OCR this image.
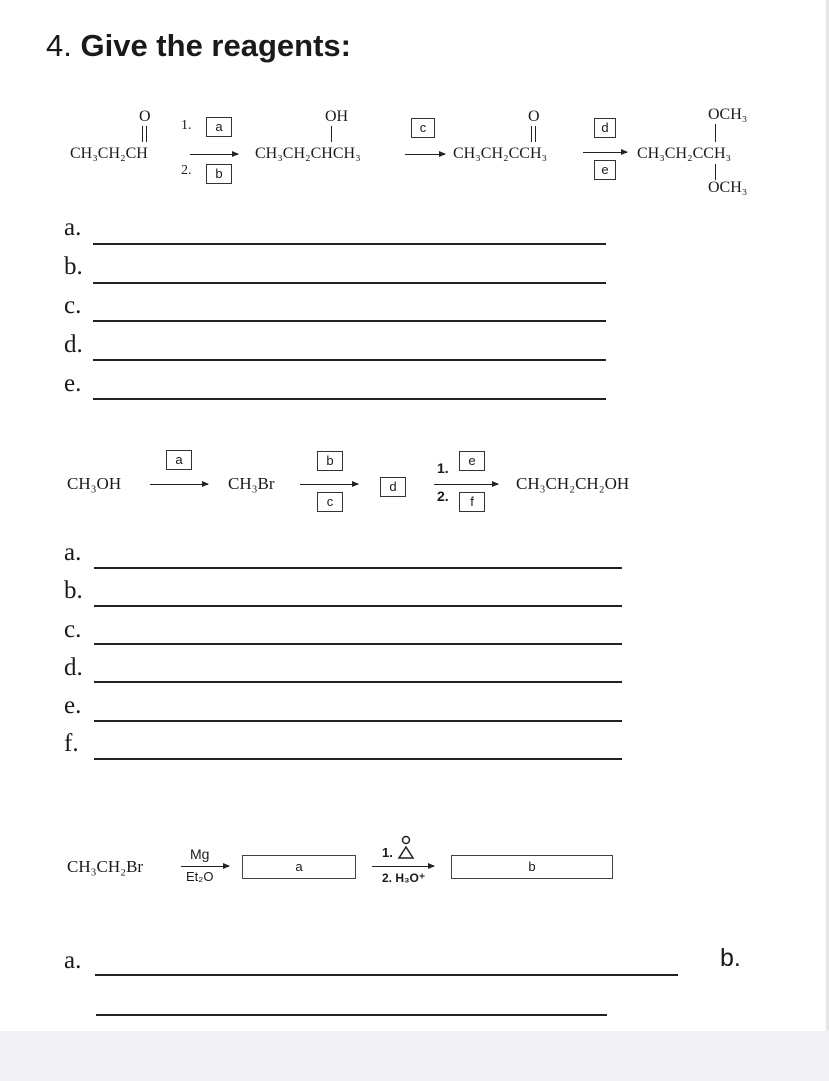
4. Give the reagents:
O
CH₃CH₂CH
1.	a
2.	b
OH
CH₃CH₂CHCH₃
c
O
CH₃CH₂CCH₃
d
e
OCH₃
CH₃CH₂CCH₃
OCH₃
a.
b.
c.
d.
e.
CH₃OH
a
→ CH₃Br
b
c
d
1.	e
2.	f
CH₃CH₂CH₂OH
a.
b.
c.
d.
e.
f.
CH₃CH₂Br
Mg
Et₂O
a
1.
2. H₃O⁺
b
a.	b.
